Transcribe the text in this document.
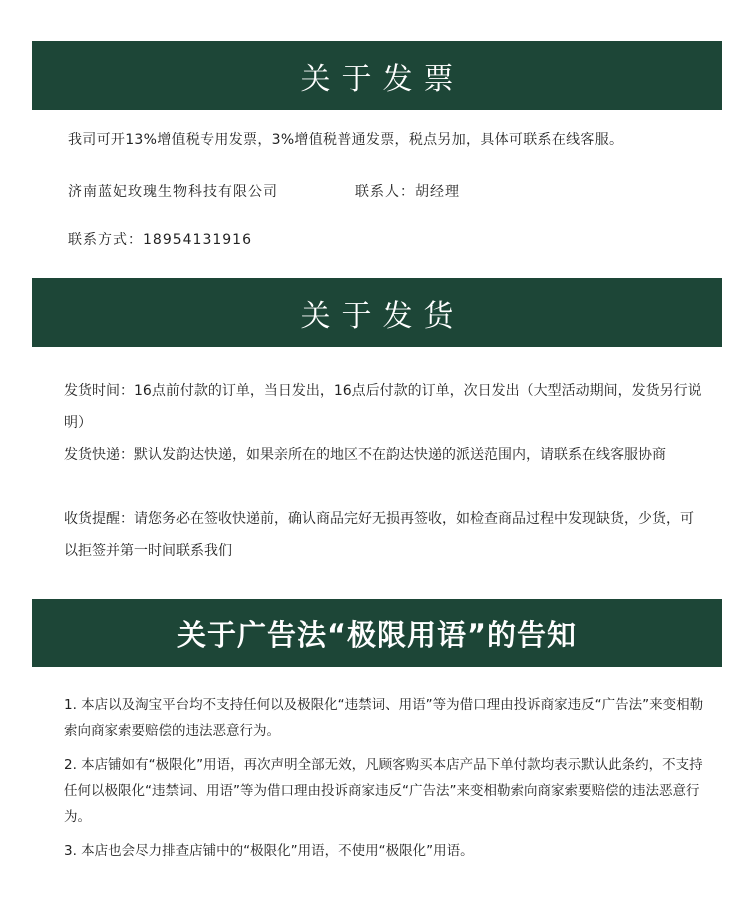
关于发票
我司可开13%增值税专用发票，3%增值税普通发票，税点另加，具体可联系在线客服。
济南蓝妃玫瑰生物科技有限公司	联系人：胡经理
联系方式：18954131916
关于发货
发货时间：16点前付款的订单，当日发出，16点后付款的订单，次日发出（大型活动期间，发货另行说明）
发货快递：默认发韵达快递，如果亲所在的地区不在韵达快递的派送范围内，请联系在线客服协商
收货提醒：请您务必在签收快递前，确认商品完好无损再签收，如检查商品过程中发现缺货，少货，可以拒签并第一时间联系我们
关于广告法“极限用语”的告知
1. 本店以及淘宝平台均不支持任何以及极限化“违禁词、用语”等为借口理由投诉商家违反“广告法”来变相勒索向商家索要赔偿的违法恶意行为。
2. 本店铺如有“极限化”用语，再次声明全部无效，凡顾客购买本店产品下单付款均表示默认此条约，不支持任何以极限化“违禁词、用语”等为借口理由投诉商家违反“广告法”来变相勒索向商家索要赔偿的违法恶意行为。
3. 本店也会尽力排查店铺中的“极限化”用语，不使用“极限化”用语。
